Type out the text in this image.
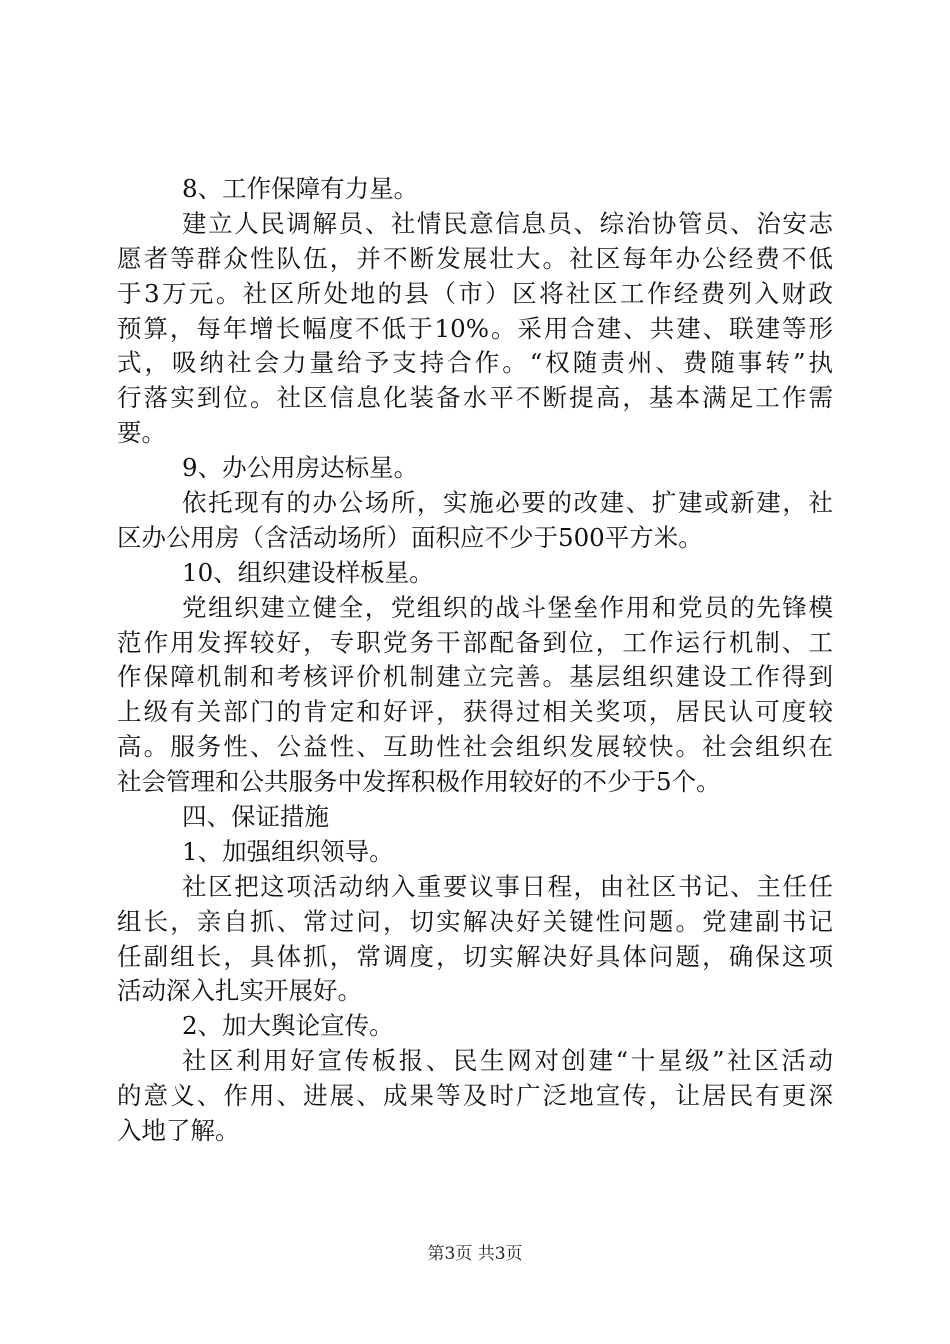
8、工作保障有力星。
建立人民调解员、社情民意信息员、综治协管员、治安志
愿者等群众性队伍，并不断发展壮大。社区每年办公经费不低
于3万元。社区所处地的县（市）区将社区工作经费列入财政
预算，每年增长幅度不低于10%。采用合建、共建、联建等形
式，吸纳社会力量给予支持合作。“权随责州、费随事转”执
行落实到位。社区信息化装备水平不断提高，基本满足工作需
要。
9、办公用房达标星。
依托现有的办公场所，实施必要的改建、扩建或新建，社
区办公用房（含活动场所）面积应不少于500平方米。
10、组织建设样板星。
党组织建立健全，党组织的战斗堡垒作用和党员的先锋模
范作用发挥较好，专职党务干部配备到位，工作运行机制、工
作保障机制和考核评价机制建立完善。基层组织建设工作得到
上级有关部门的肯定和好评，获得过相关奖项，居民认可度较
高。服务性、公益性、互助性社会组织发展较快。社会组织在
社会管理和公共服务中发挥积极作用较好的不少于5个。
四、保证措施
1、加强组织领导。
社区把这项活动纳入重要议事日程，由社区书记、主任任
组长，亲自抓、常过问，切实解决好关键性问题。党建副书记
任副组长，具体抓，常调度，切实解决好具体问题，确保这项
活动深入扎实开展好。
2、加大舆论宣传。
社区利用好宣传板报、民生网对创建“十星级”社区活动
的意义、作用、进展、成果等及时广泛地宣传，让居民有更深
入地了解。
第3页 共3页
